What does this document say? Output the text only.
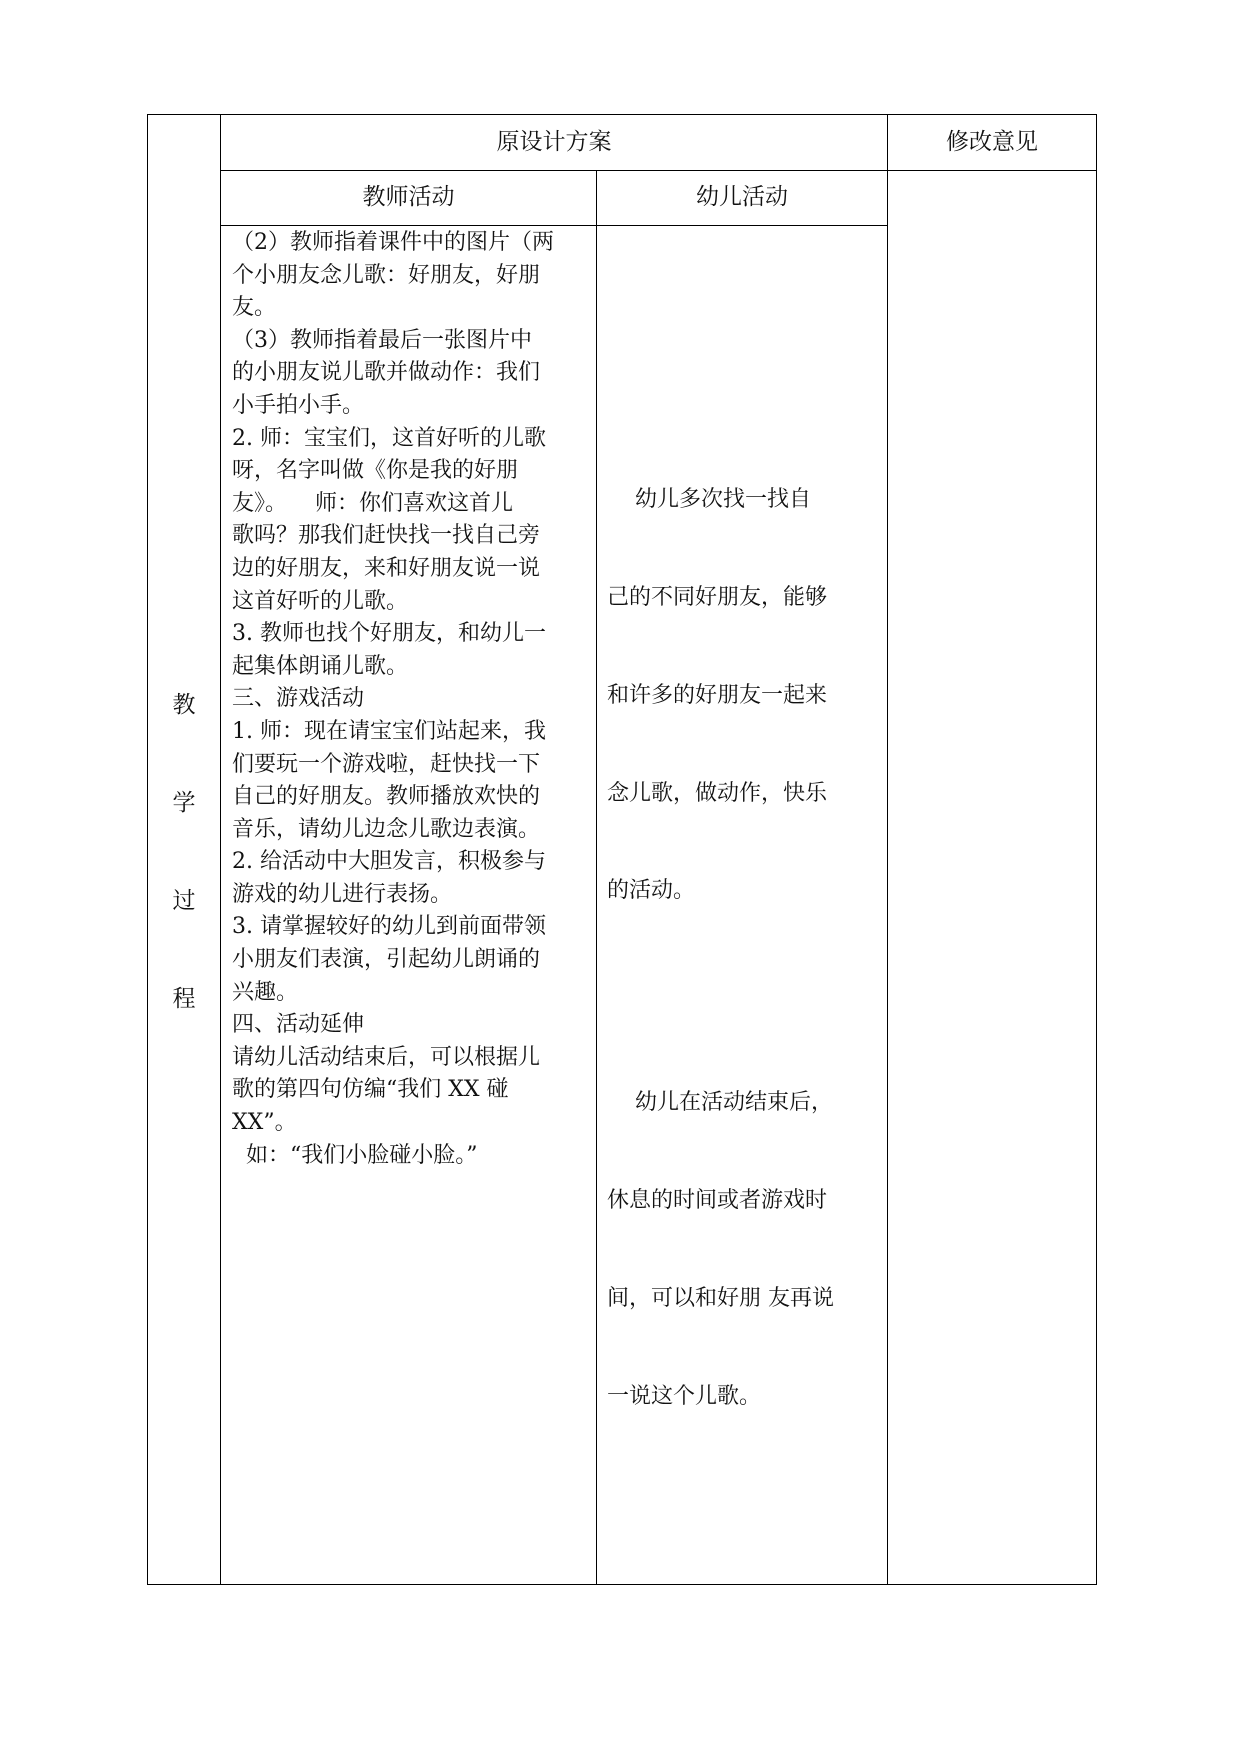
原设计方案	修改意见
教师活动	幼儿活动
教
学
过
程
（2）教师指着课件中的图片（两
个小朋友念儿歌：好朋友，好朋
友。
（3）教师指着最后一张图片中
的小朋友说儿歌并做动作：我们
小手拍小手。
2. 师：宝宝们，这首好听的儿歌
呀，名字叫做《你是我的好朋
友》。    师：你们喜欢这首儿
歌吗？那我们赶快找一找自己旁
边的好朋友，来和好朋友说一说
这首好听的儿歌。
3. 教师也找个好朋友，和幼儿一
起集体朗诵儿歌。
三、游戏活动
1. 师：现在请宝宝们站起来，我
们要玩一个游戏啦，赶快找一下
自己的好朋友。教师播放欢快的
音乐，请幼儿边念儿歌边表演。
2. 给活动中大胆发言，积极参与
游戏的幼儿进行表扬。
3. 请掌握较好的幼儿到前面带领
小朋友们表演，引起幼儿朗诵的
兴趣。
四、活动延伸
请幼儿活动结束后，可以根据儿
歌的第四句仿编“我们 XX 碰
XX”。
如：“我们小脸碰小脸。”

幼儿多次找一找自

己的不同好朋友，能够

和许多的好朋友一起来

念儿歌，做动作，快乐

的活动。

幼儿在活动结束后，

休息的时间或者游戏时

间，可以和好朋 友再说

一说这个儿歌。
